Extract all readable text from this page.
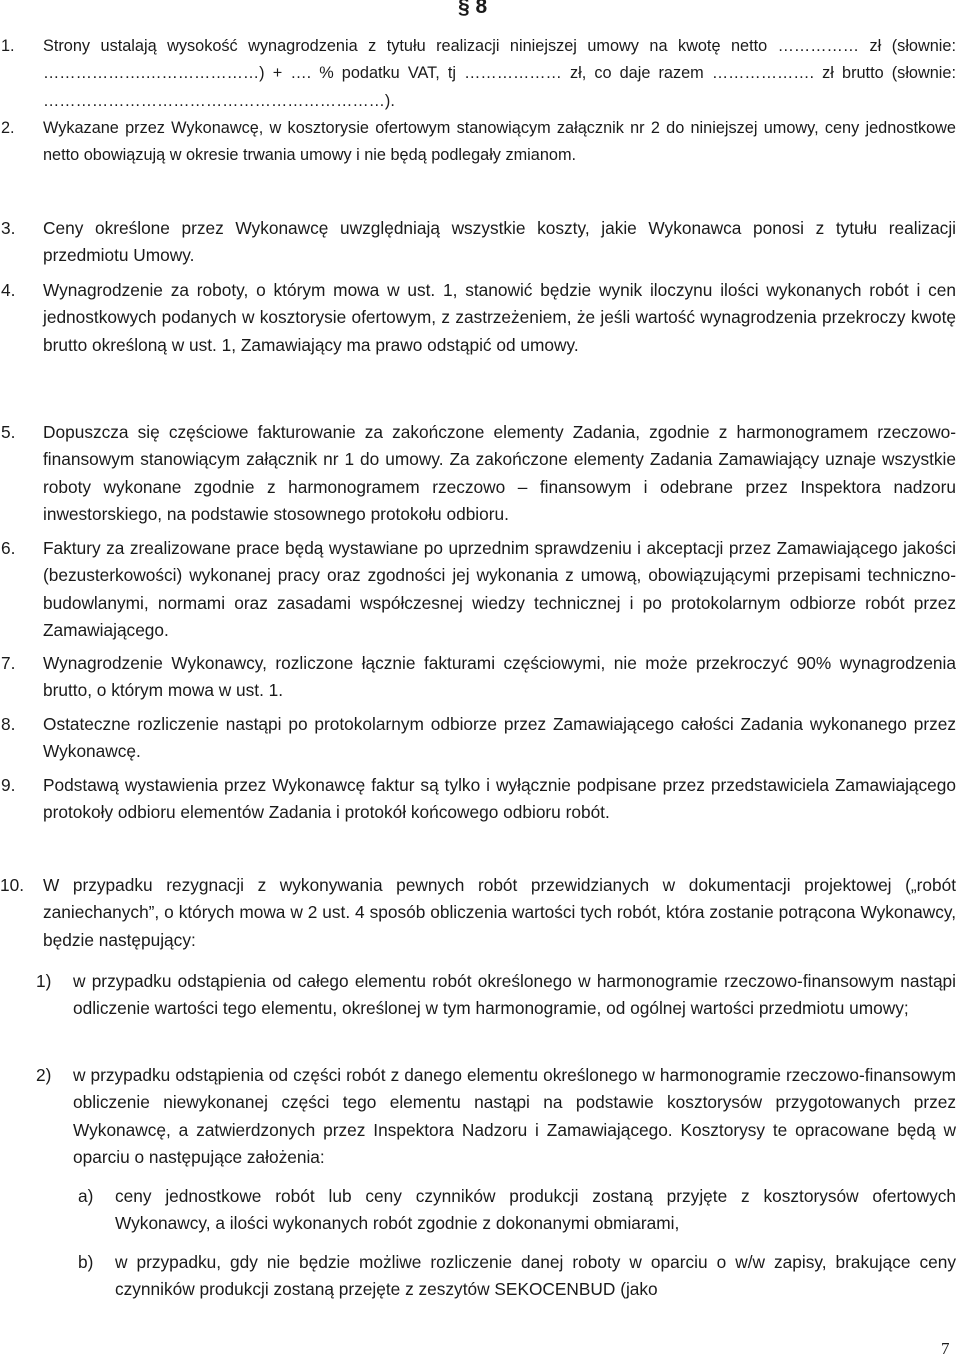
§ 8
1. Strony ustalają wysokość wynagrodzenia z tytułu realizacji niniejszej umowy na kwotę netto …………… zł (słownie: ……………….…………………) + …. % podatku VAT, tj ……………… zł, co daje razem ………………. zł brutto (słownie: ………………………………………………………).
2. Wykazane przez Wykonawcę, w kosztorysie ofertowym stanowiącym załącznik nr 2 do niniejszej umowy, ceny jednostkowe netto obowiązują w okresie trwania umowy i nie będą podlegały zmianom.
3. Ceny określone przez Wykonawcę uwzględniają wszystkie koszty, jakie Wykonawca ponosi z tytułu realizacji przedmiotu Umowy.
4. Wynagrodzenie za roboty, o którym mowa w ust. 1, stanowić będzie wynik iloczynu ilości wykonanych robót i cen jednostkowych podanych w kosztorysie ofertowym, z zastrzeżeniem, że jeśli wartość wynagrodzenia przekroczy kwotę brutto określoną w ust. 1, Zamawiający ma prawo odstąpić od umowy.
5. Dopuszcza się częściowe fakturowanie za zakończone elementy Zadania, zgodnie z harmonogramem rzeczowo-finansowym stanowiącym załącznik nr 1 do umowy. Za zakończone elementy Zadania Zamawiający uznaje wszystkie roboty wykonane zgodnie z harmonogramem rzeczowo – finansowym i odebrane przez Inspektora nadzoru inwestorskiego, na podstawie stosownego protokołu odbioru.
6. Faktury za zrealizowane prace będą wystawiane po uprzednim sprawdzeniu i akceptacji przez Zamawiającego jakości (bezusterkowości) wykonanej pracy oraz zgodności jej wykonania z umową, obowiązującymi przepisami techniczno-budowlanymi, normami oraz zasadami współczesnej wiedzy technicznej i po protokolarnym odbiorze robót przez Zamawiającego.
7. Wynagrodzenie Wykonawcy, rozliczone łącznie fakturami częściowymi, nie może przekroczyć 90% wynagrodzenia brutto, o którym mowa w ust. 1.
8. Ostateczne rozliczenie nastąpi po protokolarnym odbiorze przez Zamawiającego całości Zadania wykonanego przez Wykonawcę.
9. Podstawą wystawienia przez Wykonawcę faktur są tylko i wyłącznie podpisane przez przedstawiciela Zamawiającego protokoły odbioru elementów Zadania i protokół końcowego odbioru robót.
10. W przypadku rezygnacji z wykonywania pewnych robót przewidzianych w dokumentacji projektowej („robót zaniechanych”, o których mowa w 2 ust. 4 sposób obliczenia wartości tych robót, która zostanie potrącona Wykonawcy, będzie następujący:
1) w przypadku odstąpienia od całego elementu robót określonego w harmonogramie rzeczowo-finansowym nastąpi odliczenie wartości tego elementu, określonej w tym harmonogramie, od ogólnej wartości przedmiotu umowy;
2) w przypadku odstąpienia od części robót z danego elementu określonego w harmonogramie rzeczowo-finansowym obliczenie niewykonanej części tego elementu nastąpi na podstawie kosztorysów przygotowanych przez Wykonawcę, a zatwierdzonych przez Inspektora Nadzoru i Zamawiającego. Kosztorysy te opracowane będą w oparciu o następujące założenia:
a) ceny jednostkowe robót lub ceny czynników produkcji zostaną przyjęte z kosztorysów ofertowych Wykonawcy, a ilości wykonanych robót zgodnie z dokonanymi obmiarami,
b) w przypadku, gdy nie będzie możliwe rozliczenie danej roboty w oparciu o w/w zapisy, brakujące ceny czynników produkcji zostaną przejęte z zeszytów SEKOCENBUD (jako
7
